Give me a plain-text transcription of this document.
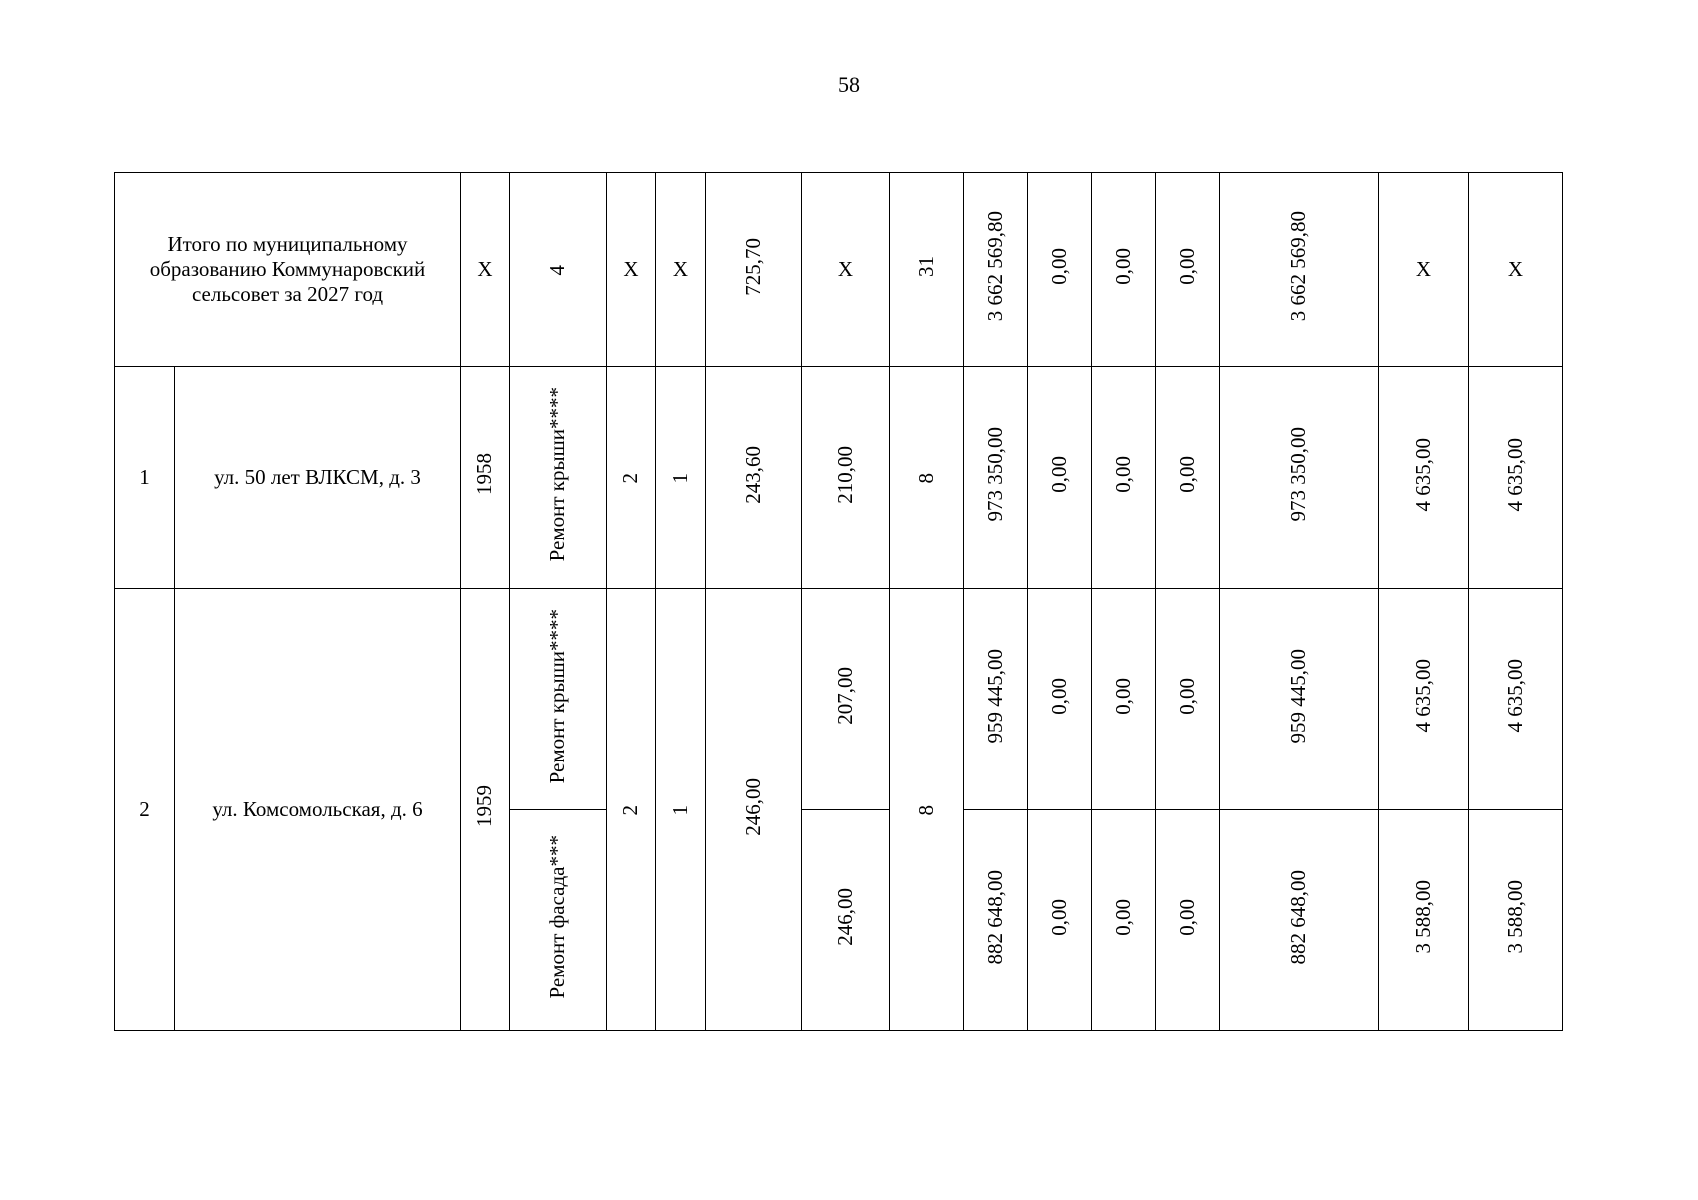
58
Итого по муниципальному образованию Коммунаровский сельсовет за 2027 год		Х	4	Х	Х	725,70	Х	31	3 662 569,80	0,00	0,00	0,00	3 662 569,80	Х	Х	
1	ул. 50 лет ВЛКСМ, д. 3	1958	Ремонт крыши****	2	1	243,60	210,00	8	973 350,00	0,00	0,00	0,00	973 350,00	4 635,00	4 635,00	
2	ул. Комсомольская, д. 6	1959	Ремонт крыши****	2	1	246,00	207,00	8	959 445,00	0,00	0,00	0,00	959 445,00	4 635,00	4 635,00	
			Ремонт фасада***				246,00		882 648,00	0,00	0,00	0,00	882 648,00	3 588,00	3 588,00	
